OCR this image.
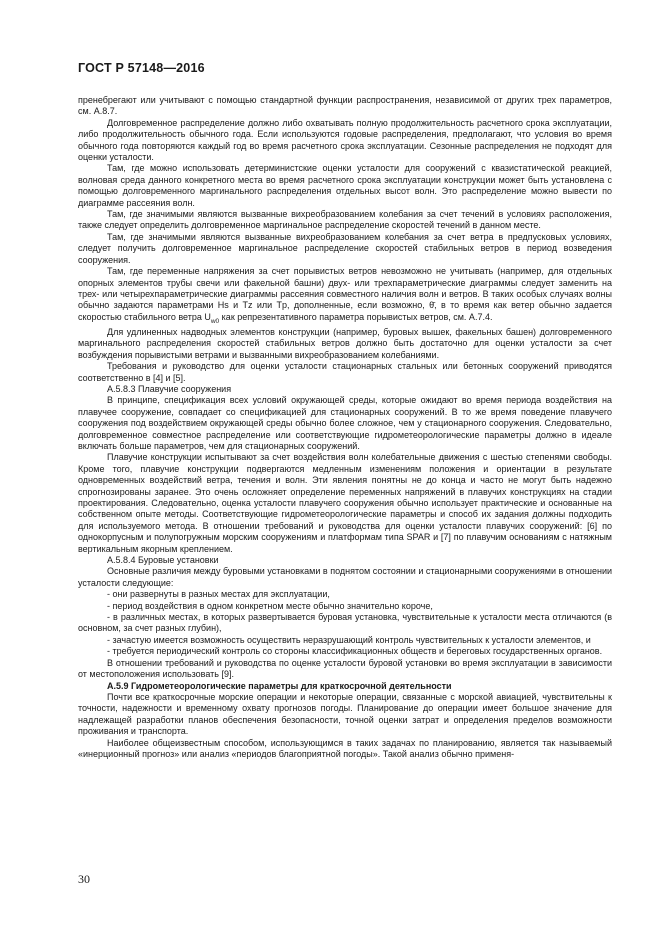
ГОСТ Р 57148—2016

пренебрегают или учитывают с помощью стандартной функции распространения, независимой от других трех параметров, см. А.8.7.

Долговременное распределение должно либо охватывать полную продолжительность расчетного срока эксплуатации, либо продолжительность обычного года. Если используются годовые распределения, предполагают, что условия во время обычного года повторяются каждый год во время расчетного срока эксплуатации. Сезонные распределения не подходят для оценки усталости.

Там, где можно использовать детерминистские оценки усталости для сооружений с квазистатической реакцией, волновая среда данного конкретного места во время расчетного срока эксплуатации конструкции может быть установлена с помощью долговременного маргинального распределения отдельных высот волн. Это распределение можно вывести по диаграмме рассеяния волн.

Там, где значимыми являются вызванные вихреобразованием колебания за счет течений в условиях расположения, также следует определить долговременное маргинальное распределение скоростей течений в данном месте.

Там, где значимыми являются вызванные вихреобразованием колебания за счет ветра в предпусковых условиях, следует получить долговременное маргинальное распределение скоростей стабильных ветров в период возведения сооружения.

Там, где переменные напряжения за счет порывистых ветров невозможно не учитывать (например, для отдельных опорных элементов трубы свечи или факельной башни) двух- или трехпараметрические диаграммы следует заменить на трех- или четырехпараметрические диаграммы рассеяния совместного наличия волн и ветров. В таких особых случаях волны обычно задаются параметрами Hs и Tz или Tp, дополненные, если возможно, θ̄, в то время как ветер обычно задается скоростью стабильного ветра $U_{w0}$ как репрезентативного параметра порывистых ветров, см. А.7.4.

Для удлиненных надводных элементов конструкции (например, буровых вышек, факельных башен) долговременного маргинального распределения скоростей стабильных ветров должно быть достаточно для оценки усталости за счет возбуждения порывистыми ветрами и вызванными вихреобразованием колебаниями.

Требования и руководство для оценки усталости стационарных стальных или бетонных сооружений приводятся соответственно в [4] и [5].

А.5.8.3 Плавучие сооружения

В принципе, спецификация всех условий окружающей среды, которые ожидают во время периода воздействия на плавучее сооружение, совпадает со спецификацией для стационарных сооружений. В то же время поведение плавучего сооружения под воздействием окружающей среды обычно более сложное, чем у стационарного сооружения. Следовательно, долговременное совместное распределение или соответствующие гидрометеорологические параметры должно в идеале включать больше параметров, чем для стационарных сооружений.

Плавучие конструкции испытывают за счет воздействия волн колебательные движения с шестью степенями свободы. Кроме того, плавучие конструкции подвергаются медленным изменениям положения и ориентации в результате одновременных воздействий ветра, течения и волн. Эти явления понятны не до конца и часто не могут быть надежно спрогнозированы заранее. Это очень осложняет определение переменных напряжений в плавучих конструкциях на стадии проектирования. Следовательно, оценка усталости плавучего сооружения обычно использует практические и основанные на собственном опыте методы. Соответствующие гидрометеорологические параметры и способ их задания должны подходить для используемого метода. В отношении требований и руководства для оценки усталости плавучих сооружений: [6] по однокорпусным и полупогружным морским сооружениям и платформам типа SPAR и [7] по плавучим основаниям с натяжным вертикальным якорным креплением.

А.5.8.4 Буровые установки

Основные различия между буровыми установками в поднятом состоянии и стационарными сооружениями в отношении усталости следующие:

- они развернуты в разных местах для эксплуатации,

- период воздействия в одном конкретном месте обычно значительно короче,

- в различных местах, в которых развертывается буровая установка, чувствительные к усталости места отличаются (в основном, за счет разных глубин),

- зачастую имеется возможность осуществить неразрушающий контроль чувствительных к усталости элементов, и

- требуется периодический контроль со стороны классификационных обществ и береговых государственных органов.

В отношении требований и руководства по оценке усталости буровой установки во время эксплуатации в зависимости от местоположения использовать [9].

А.5.9 Гидрометеорологические параметры для краткосрочной деятельности

Почти все краткосрочные морские операции и некоторые операции, связанные с морской авиацией, чувствительны к точности, надежности и временному охвату прогнозов погоды. Планирование до операции имеет большое значение для надлежащей разработки планов обеспечения безопасности, точной оценки затрат и определения пределов возможности проживания и транспорта.

Наиболее общеизвестным способом, использующимся в таких задачах по планированию, является так называемый «инерционный прогноз» или анализ «периодов благоприятной погоды». Такой анализ обычно применя-

30
